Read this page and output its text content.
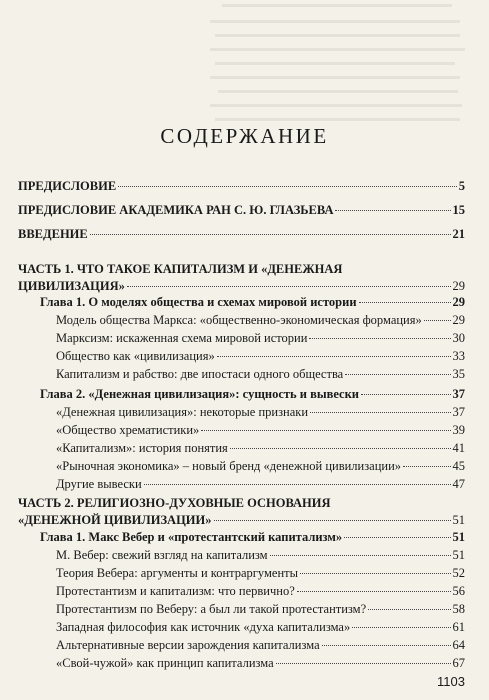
СОДЕРЖАНИЕ
ПРЕДИСЛОВИЕ	5
ПРЕДИСЛОВИЕ АКАДЕМИКА РАН С. Ю. ГЛАЗЬЕВА	15
ВВЕДЕНИЕ	21
ЧАСТЬ 1. ЧТО ТАКОЕ КАПИТАЛИЗМ И «ДЕНЕЖНАЯ
ЦИВИЛИЗАЦИЯ»	29
Глава 1. О моделях общества и схемах мировой истории	29
Модель общества Маркса: «общественно-экономическая формация» 29
Марксизм: искаженная схема мировой истории	30
Общество как «цивилизация»	33
Капитализм и рабство: две ипостаси одного общества	35
Глава 2. «Денежная цивилизация»: сущность и вывески	37
«Денежная цивилизация»: некоторые признаки	37
«Общество хрематистики»	39
«Капитализм»: история понятия	41
«Рыночная экономика» – новый бренд «денежной цивилизации»	45
Другие вывески	47
ЧАСТЬ 2. РЕЛИГИОЗНО-ДУХОВНЫЕ ОСНОВАНИЯ
«ДЕНЕЖНОЙ ЦИВИЛИЗАЦИИ»	51
Глава 1. Макс Вебер и «протестантский капитализм»	51
М. Вебер: свежий взгляд на капитализм	51
Теория Вебера: аргументы и контраргументы	52
Протестантизм и капитализм: что первично?	56
Протестантизм по Веберу: а был ли такой протестантизм?	58
Западная философия как источник «духа капитализма»	61
Альтернативные версии зарождения капитализма	64
«Свой-чужой» как принцип капитализма	67
1103
